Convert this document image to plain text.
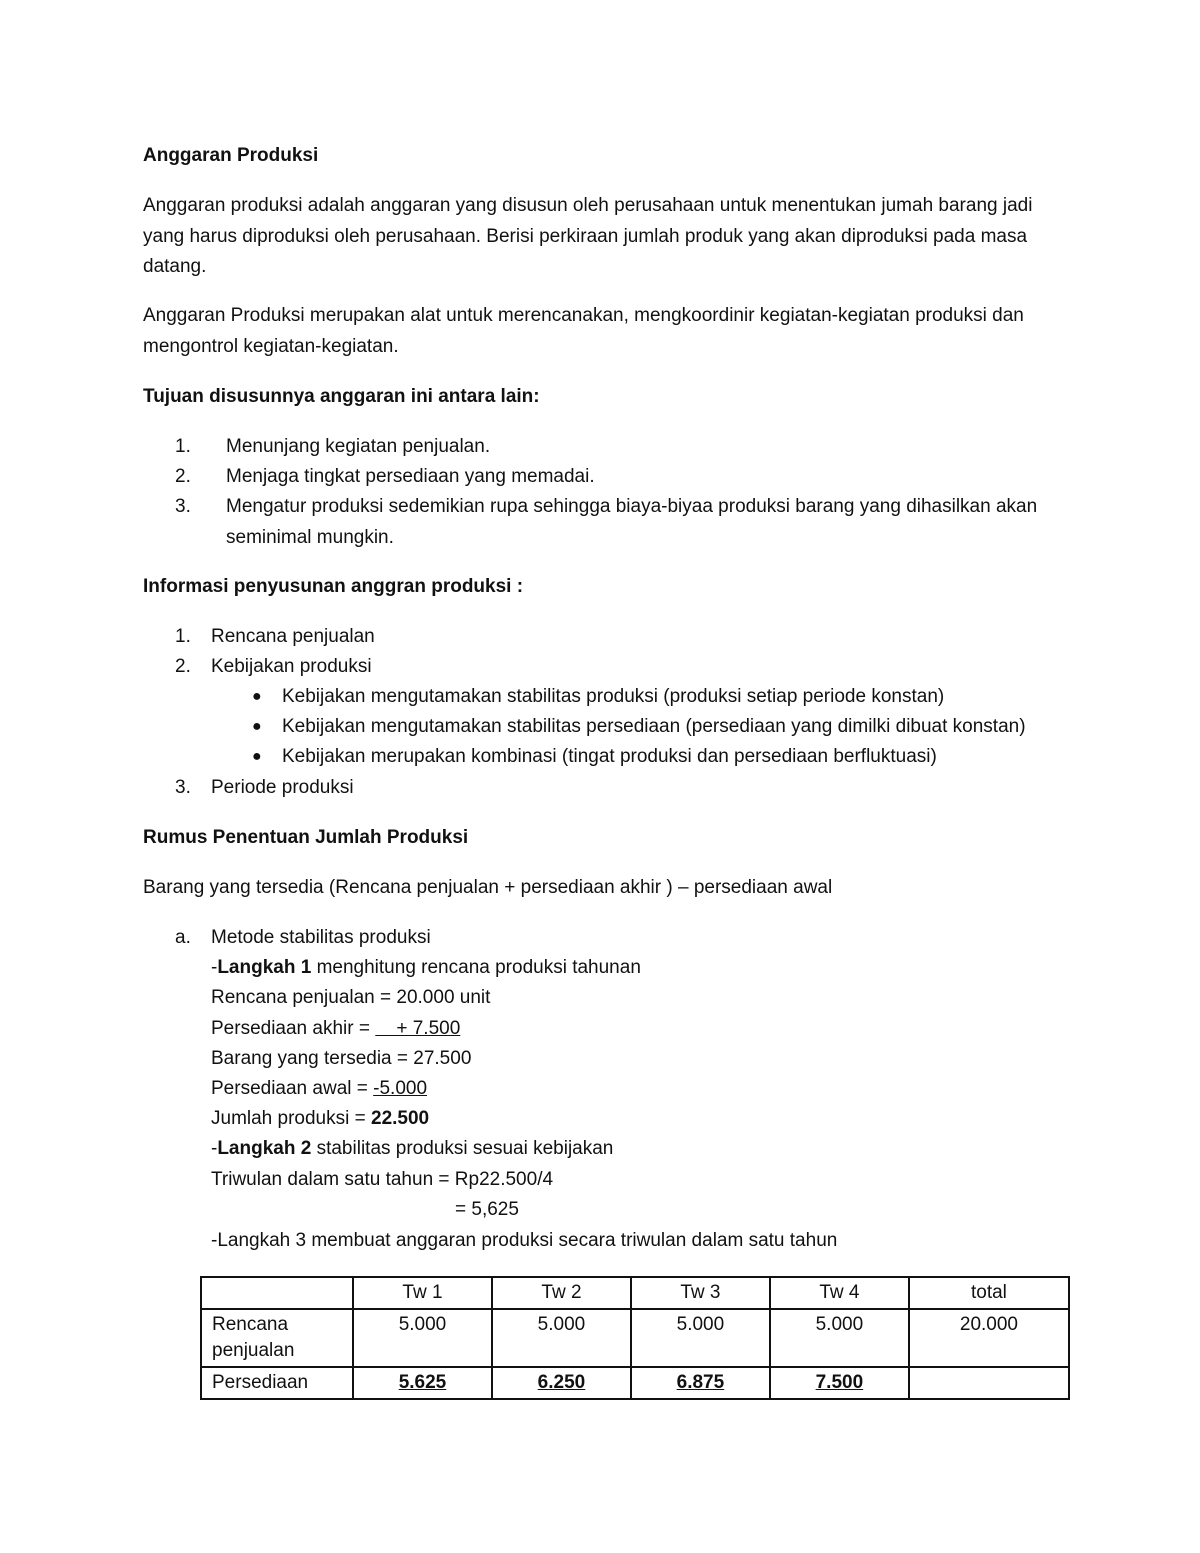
Anggaran Produksi
Anggaran produksi adalah anggaran yang disusun oleh perusahaan untuk menentukan jumah barang jadi
yang harus diproduksi oleh perusahaan. Berisi perkiraan jumlah produk yang akan diproduksi pada masa
datang.
Anggaran Produksi merupakan alat untuk merencanakan, mengkoordinir kegiatan-kegiatan produksi dan
mengontrol kegiatan-kegiatan.
Tujuan disusunnya anggaran ini antara lain:
1. Menunjang kegiatan penjualan.
2. Menjaga tingkat persediaan yang memadai.
3. Mengatur produksi sedemikian rupa sehingga biaya-biyaa produksi barang yang dihasilkan akan
seminimal mungkin.
Informasi penyusunan anggran produksi :
1. Rencana penjualan
2. Kebijakan produksi
● Kebijakan mengutamakan stabilitas produksi (produksi setiap periode konstan)
● Kebijakan mengutamakan stabilitas persediaan (persediaan yang dimilki dibuat konstan)
● Kebijakan merupakan kombinasi (tingat produksi dan persediaan berfluktuasi)
3. Periode produksi
Rumus Penentuan Jumlah Produksi
Barang yang tersedia (Rencana penjualan + persediaan akhir ) – persediaan awal
a. Metode stabilitas produksi
-Langkah 1 menghitung rencana produksi tahunan
Rencana penjualan = 20.000 unit
Persediaan akhir =     + 7.500
Barang yang tersedia = 27.500
Persediaan awal = -5.000
Jumlah produksi = 22.500
-Langkah 2 stabilitas produksi sesuai kebijakan
Triwulan dalam satu tahun = Rp22.500/4
= 5,625
-Langkah 3 membuat anggaran produksi secara triwulan dalam satu tahun
	Tw 1	Tw 2	Tw 3	Tw 4	total
Rencana
penjualan	5.000	5.000	5.000	5.000	20.000
Persediaan	5.625	6.250	6.875	7.500	
